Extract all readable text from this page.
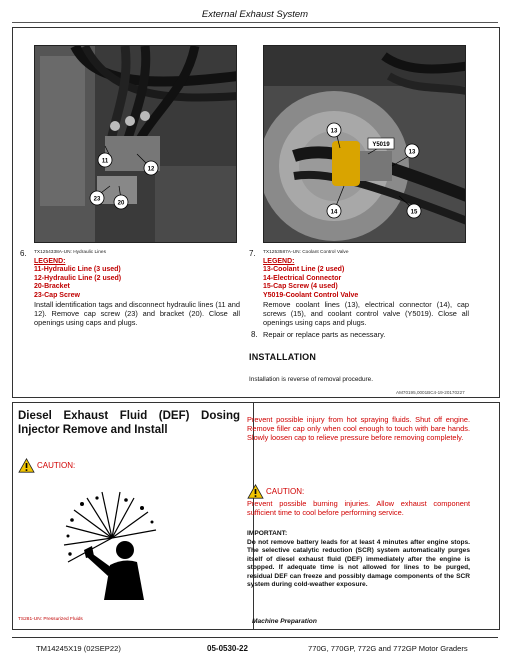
External Exhaust System
11
12
23
20
6. TX1254338A-UN: Hydraulic Lines
LEGEND:
11-Hydraulic Line (3 used)
12-Hydraulic Line (2 used)
20-Bracket
23-Cap Screw
Install identification tags and disconnect hydraulic lines (11 and 12). Remove cap screw (23) and bracket (20). Close all openings using caps and plugs.
13
Y5019
13
14	15
7. TX1253587A-UN: Coolant Control Valve
LEGEND:
13-Coolant Line (2 used)
14-Electrical Connector
15-Cap Screw (4 used)
Y5019-Coolant Control Valve
Remove coolant lines (13), electrical connector (14), cap screws (15), and coolant control valve (Y5019). Close all openings using caps and plugs.
8. Repair or replace parts as necessary.
INSTALLATION
Installation is reverse of removal procedure.
AM70195,0001BC4-19-20170227
Diesel Exhaust Fluid (DEF) Dosing
Injector Remove and Install
CAUTION:
TS281-UN: Pressurized Fluids
Prevent possible injury from hot spraying fluids. Shut off engine. Remove filler cap only when cool enough to touch with bare hands. Slowly loosen cap to relieve pressure before removing completely.
CAUTION:
Prevent possible burning injuries. Allow exhaust component sufficient time to cool before performing service.
IMPORTANT:
Do not remove battery leads for at least 4 minutes after engine stops. The selective catalytic reduction (SCR) system automatically purges itself of diesel exhaust fluid (DEF) immediately after the engine is stopped. If adequate time is not allowed for lines to be purged, residual DEF can freeze and possibly damage components of the SCR system during cold-weather exposure.
Machine Preparation
TM14245X19 (02SEP22)	05-0530-22	770G, 770GP, 772G and 772GP Motor Graders
